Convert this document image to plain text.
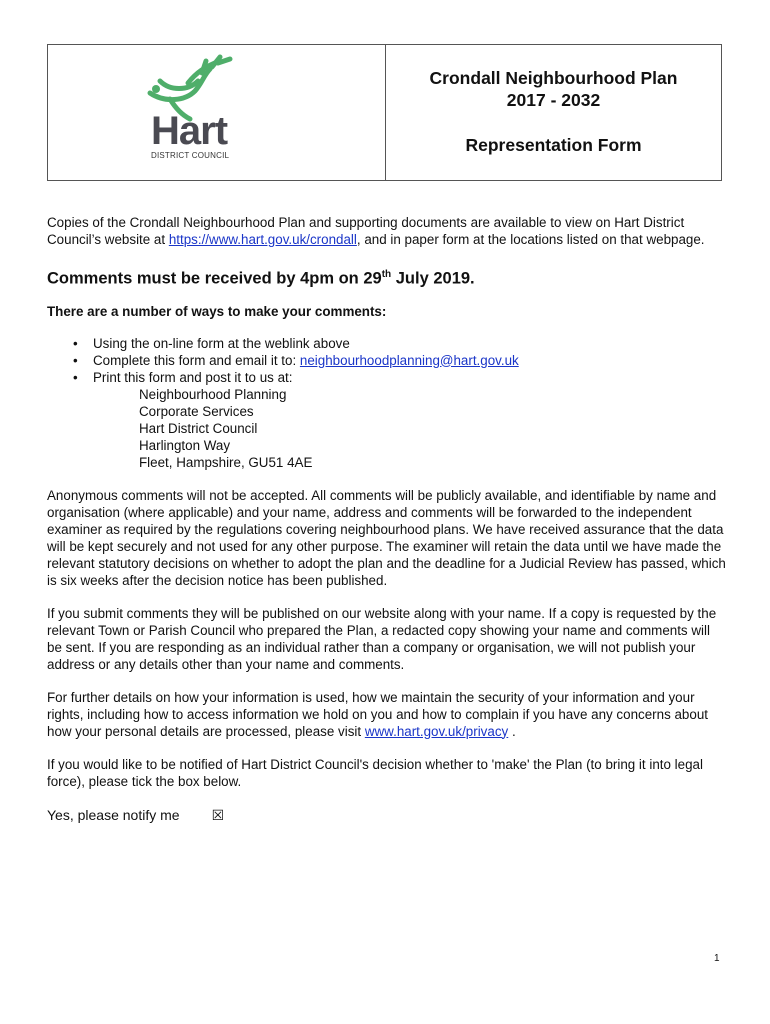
Hart
DISTRICT COUNCIL
Crondall Neighbourhood Plan
2017 - 2032
Representation Form

Copies of the Crondall Neighbourhood Plan and supporting documents are available to view on Hart District Council’s website at https://www.hart.gov.uk/crondall, and in paper form at the locations listed on that webpage.

Comments must be received by 4pm on 29th July 2019.

There are a number of ways to make your comments:

• Using the on-line form at the weblink above
• Complete this form and email it to: neighbourhoodplanning@hart.gov.uk
• Print this form and post it to us at:
Neighbourhood Planning
Corporate Services
Hart District Council
Harlington Way
Fleet, Hampshire, GU51 4AE

Anonymous comments will not be accepted. All comments will be publicly available, and identifiable by name and organisation (where applicable) and your name, address and comments will be forwarded to the independent examiner as required by the regulations covering neighbourhood plans. We have received assurance that the data will be kept securely and not used for any other purpose. The examiner will retain the data until we have made the relevant statutory decisions on whether to adopt the plan and the deadline for a Judicial Review has passed, which is six weeks after the decision notice has been published.

If you submit comments they will be published on our website along with your name. If a copy is requested by the relevant Town or Parish Council who prepared the Plan, a redacted copy showing your name and comments will be sent. If you are responding as an individual rather than a company or organisation, we will not publish your address or any details other than your name and comments.

For further details on how your information is used, how we maintain the security of your information and your rights, including how to access information we hold on you and how to complain if you have any concerns about how your personal details are processed, please visit www.hart.gov.uk/privacy .

If you would like to be notified of Hart District Council's decision whether to 'make' the Plan (to bring it into legal force), please tick the box below.

Yes, please notify me ☒
1
